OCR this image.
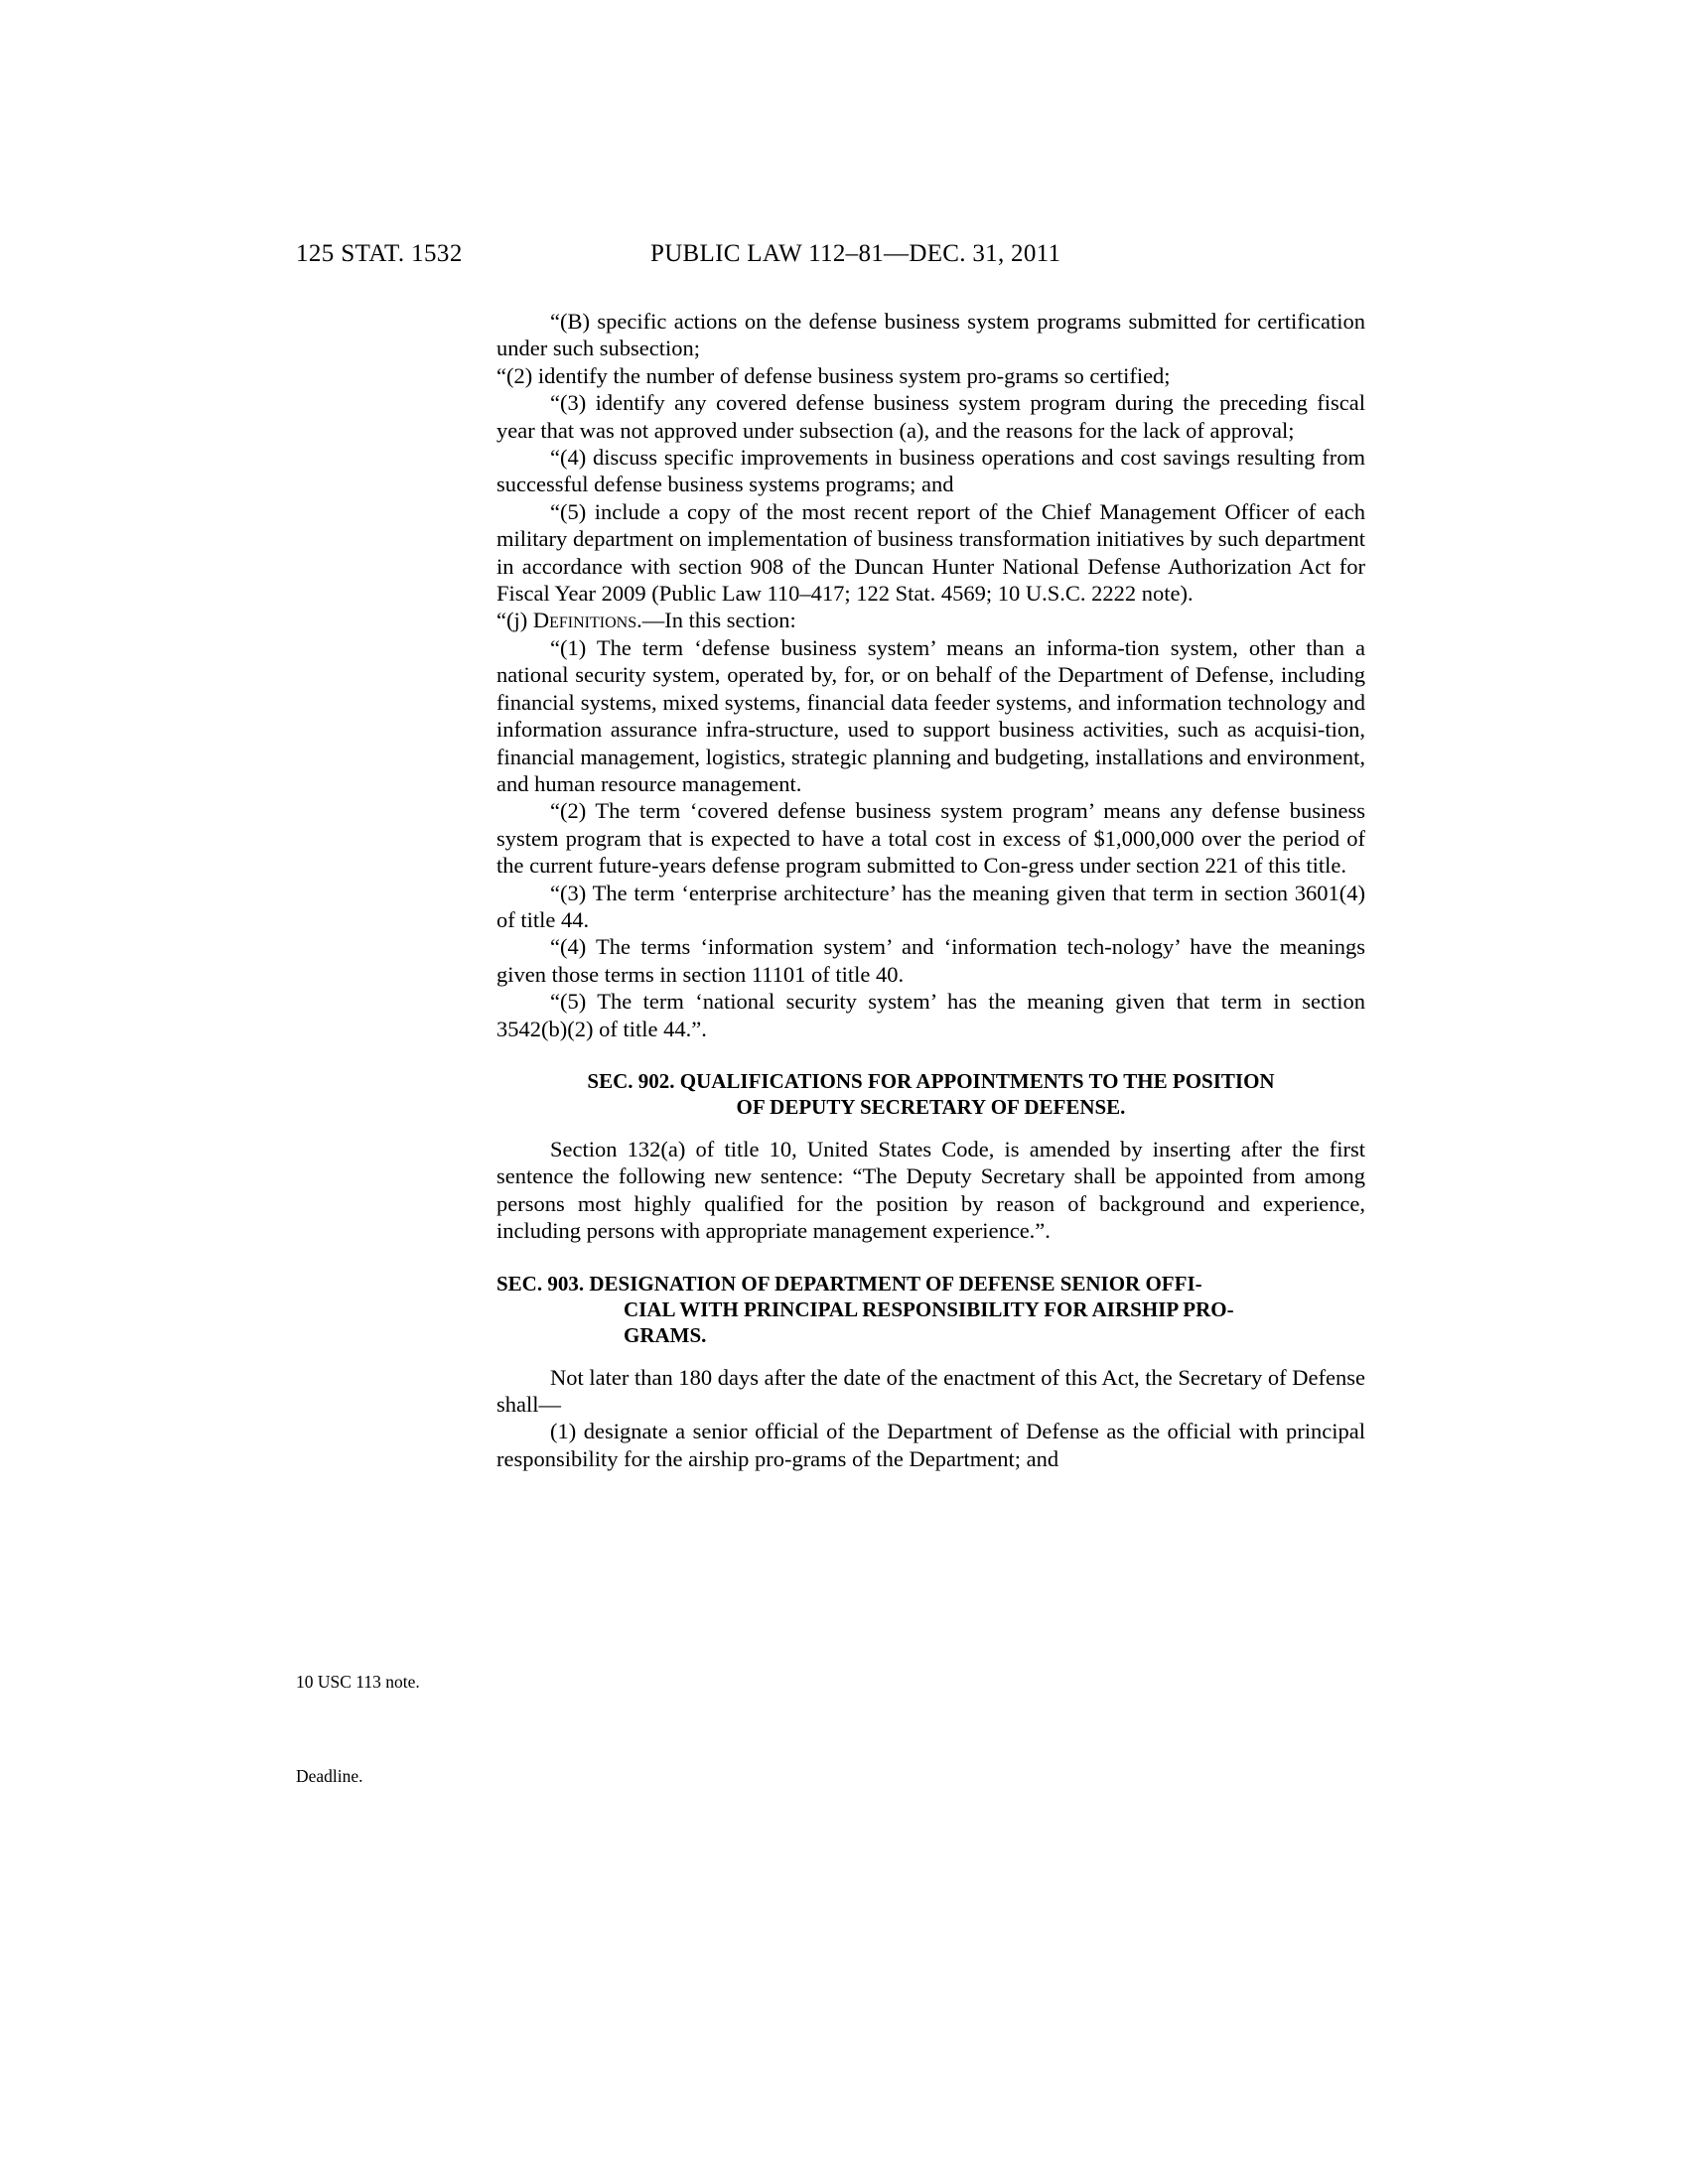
125 STAT. 1532	PUBLIC LAW 112–81—DEC. 31, 2011
10 USC 113 note.
Deadline.

“(B) specific actions on the defense business system programs submitted for certification under such subsection;

“(2) identify the number of defense business system pro-grams so certified;

“(3) identify any covered defense business system program during the preceding fiscal year that was not approved under subsection (a), and the reasons for the lack of approval;

“(4) discuss specific improvements in business operations and cost savings resulting from successful defense business systems programs; and

“(5) include a copy of the most recent report of the Chief Management Officer of each military department on implementation of business transformation initiatives by such department in accordance with section 908 of the Duncan Hunter National Defense Authorization Act for Fiscal Year 2009 (Public Law 110–417; 122 Stat. 4569; 10 U.S.C. 2222 note).

“(j) Definitions.—In this section:

“(1) The term ‘defense business system’ means an informa-tion system, other than a national security system, operated by, for, or on behalf of the Department of Defense, including financial systems, mixed systems, financial data feeder systems, and information technology and information assurance infra-structure, used to support business activities, such as acquisi-tion, financial management, logistics, strategic planning and budgeting, installations and environment, and human resource management.

“(2) The term ‘covered defense business system program’ means any defense business system program that is expected to have a total cost in excess of $1,000,000 over the period of the current future-years defense program submitted to Con-gress under section 221 of this title.

“(3) The term ‘enterprise architecture’ has the meaning given that term in section 3601(4) of title 44.

“(4) The terms ‘information system’ and ‘information tech-nology’ have the meanings given those terms in section 11101 of title 40.

“(5) The term ‘national security system’ has the meaning given that term in section 3542(b)(2) of title 44.”.

SEC. 902. QUALIFICATIONS FOR APPOINTMENTS TO THE POSITION
OF DEPUTY SECRETARY OF DEFENSE.

Section 132(a) of title 10, United States Code, is amended by inserting after the first sentence the following new sentence: “The Deputy Secretary shall be appointed from among persons most highly qualified for the position by reason of background and experience, including persons with appropriate management experience.”.

SEC. 903. DESIGNATION OF DEPARTMENT OF DEFENSE SENIOR OFFI-
CIAL WITH PRINCIPAL RESPONSIBILITY FOR AIRSHIP PRO-
GRAMS.

Not later than 180 days after the date of the enactment of this Act, the Secretary of Defense shall—

(1) designate a senior official of the Department of Defense as the official with principal responsibility for the airship pro-grams of the Department; and
